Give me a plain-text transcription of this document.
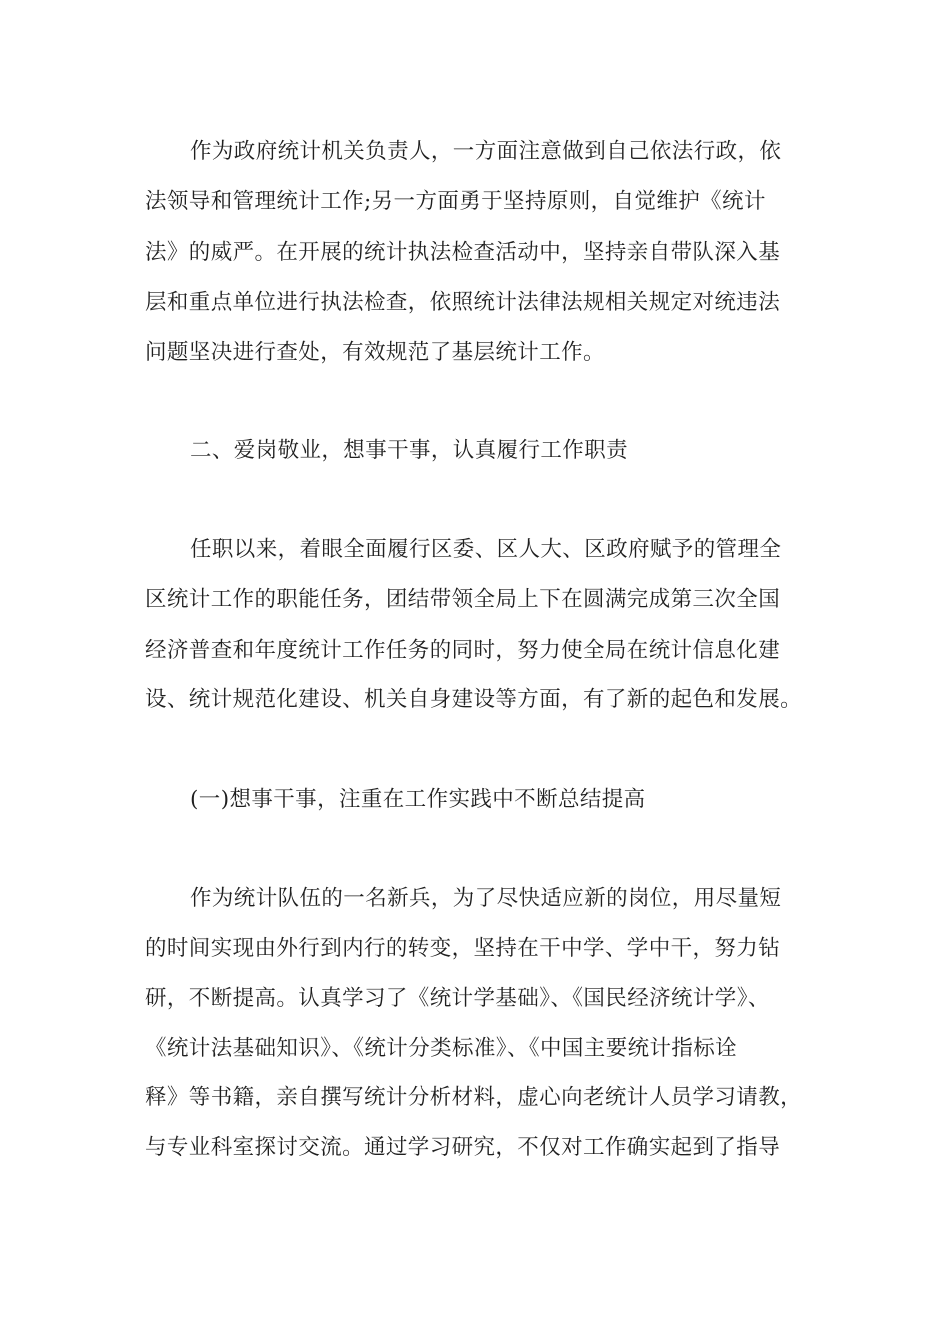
作为政府统计机关负责人，一方面注意做到自己依法行政，依
法领导和管理统计工作;另一方面勇于坚持原则，自觉维护《统计
法》的威严。在开展的统计执法检查活动中，坚持亲自带队深入基
层和重点单位进行执法检查，依照统计法律法规相关规定对统违法
问题坚决进行查处，有效规范了基层统计工作。
二、爱岗敬业，想事干事，认真履行工作职责
任职以来，着眼全面履行区委、区人大、区政府赋予的管理全
区统计工作的职能任务，团结带领全局上下在圆满完成第三次全国
经济普查和年度统计工作任务的同时，努力使全局在统计信息化建
设、统计规范化建设、机关自身建设等方面，有了新的起色和发展。
(一)想事干事，注重在工作实践中不断总结提高
作为统计队伍的一名新兵，为了尽快适应新的岗位，用尽量短
的时间实现由外行到内行的转变，坚持在干中学、学中干，努力钻
研，不断提高。认真学习了《统计学基础》、《国民经济统计学》、
《统计法基础知识》、《统计分类标准》、《中国主要统计指标诠
释》等书籍，亲自撰写统计分析材料，虚心向老统计人员学习请教，
与专业科室探讨交流。通过学习研究，不仅对工作确实起到了指导
